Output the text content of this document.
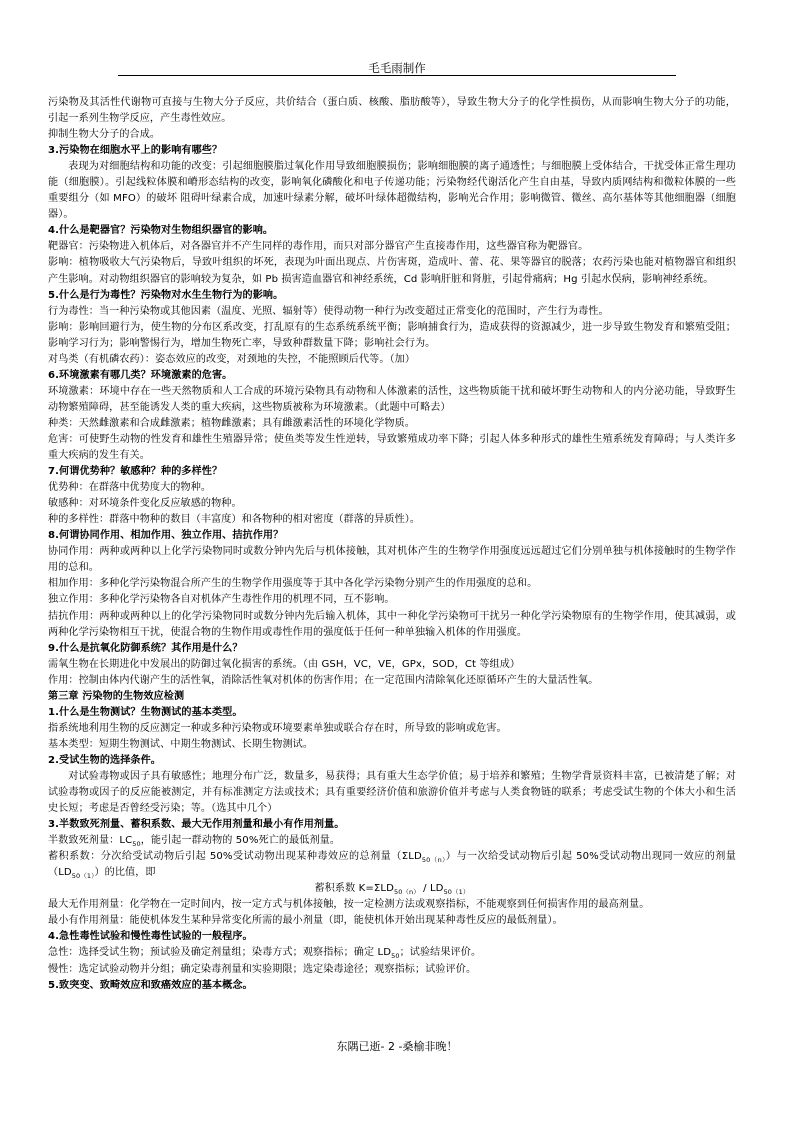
毛毛雨制作

污染物及其活性代谢物可直接与生物大分子反应，共价结合（蛋白质、核酸、脂肪酸等），导致生物大分子的化学性损伤，从而影响生物大分子的功能，引起一系列生物学反应，产生毒性效应。

抑制生物大分子的合成。

3.污染物在细胞水平上的影响有哪些？

表现为对细胞结构和功能的改变：引起细胞膜脂过氧化作用导致细胞膜损伤；影响细胞膜的离子通透性；与细胞膜上受体结合，干扰受体正常生理功能（细胞膜）。引起线粒体膜和嵴形态结构的改变，影响氧化磷酸化和电子传递功能；污染物经代谢活化产生自由基，导致内质网结构和微粒体膜的一些重要组分（如 MFO）的破坏 阻碍叶绿素合成，加速叶绿素分解，破坏叶绿体超微结构，影响光合作用；影响微管、微丝、高尔基体等其他细胞器（细胞器）。

4.什么是靶器官？污染物对生物组织器官的影响。

靶器官：污染物进入机体后，对各器官并不产生同样的毒作用，而只对部分器官产生直接毒作用，这些器官称为靶器官。

影响：植物吸收大气污染物后，导致叶组织的坏死，表现为叶面出现点、片伤害斑，造成叶、蕾、花、果等器官的脱落；农药污染也能对植物器官和组织产生影响。对动物组织器官的影响较为复杂，如 Pb 损害造血器官和神经系统，Cd 影响肝脏和肾脏，引起骨痛病；Hg 引起水俣病，影响神经系统。

5.什么是行为毒性？污染物对水生生物行为的影响。

行为毒性：当一种污染物或其他因素（温度、光照、辐射等）使得动物一种行为改变超过正常变化的范围时，产生行为毒性。

影响：影响回避行为，使生物的分布区系改变，打乱原有的生态系统系统平衡；影响捕食行为，造成获得的资源减少，进一步导致生物发育和繁殖受阻；影响学习行为；影响警惕行为，增加生物死亡率，导致种群数量下降；影响社会行为。

对鸟类（有机磷农药）：姿态效应的改变，对颈地的失控，不能照顾后代等。（加）

6.环境激素有哪几类？环境激素的危害。

环境激素：环境中存在一些天然物质和人工合成的环境污染物具有动物和人体激素的活性，这些物质能干扰和破坏野生动物和人的内分泌功能，导致野生动物繁殖障碍，甚至能诱发人类的重大疾病，这些物质被称为环境激素。（此题中可略去）

种类：天然雌激素和合成雌激素；植物雌激素；具有雌激素活性的环境化学物质。

危害：可使野生动物的性发育和雄性生殖器异常；使鱼类等发生性逆转，导致繁殖成功率下降；引起人体多种形式的雄性生殖系统发育障碍；与人类许多重大疾病的发生有关。

7.何谓优势种？敏感种？种的多样性？

优势种：在群落中优势度大的物种。

敏感种：对环境条件变化反应敏感的物种。

种的多样性：群落中物种的数目（丰富度）和各物种的相对密度（群落的异质性）。

8.何谓协同作用、相加作用、独立作用、拮抗作用？

协同作用：两种或两种以上化学污染物同时或数分钟内先后与机体接触，其对机体产生的生物学作用强度远远超过它们分别单独与机体接触时的生物学作用的总和。

相加作用：多种化学污染物混合所产生的生物学作用强度等于其中各化学污染物分别产生的作用强度的总和。

独立作用：多种化学污染物各自对机体产生毒性作用的机理不同，互不影响。

拮抗作用：两种或两种以上的化学污染物同时或数分钟内先后输入机体，其中一种化学污染物可干扰另一种化学污染物原有的生物学作用，使其减弱，或两种化学污染物相互干扰，使混合物的生物作用或毒性作用的强度低于任何一种单独输入机体的作用强度。

9.什么是抗氧化防御系统？其作用是什么？

需氧生物在长期进化中发展出的防御过氧化损害的系统。（由 GSH，VC，VE，GPx，SOD，Ct 等组成）

作用：控制由体内代谢产生的活性氧，消除活性氧对机体的伤害作用；在一定范围内清除氧化还原循环产生的大量活性氧。

第三章 污染物的生物效应检测

1.什么是生物测试？生物测试的基本类型。

指系统地利用生物的反应测定一种或多种污染物或环境要素单独或联合存在时，所导致的影响或危害。

基本类型：短期生物测试、中期生物测试、长期生物测试。

2.受试生物的选择条件。

对试验毒物或因子具有敏感性；地理分布广泛，数量多，易获得；具有重大生态学价值；易于培养和繁殖；生物学背景资料丰富，已被清楚了解；对试验毒物或因子的反应能被测定，并有标准测定方法或技术；具有重要经济价值和旅游价值并考虑与人类食物链的联系；考虑受试生物的个体大小和生活史长短；考虑是否曾经受污染；等。（选其中几个）

3.半数致死剂量、蓄积系数、最大无作用剂量和最小有作用剂量。

半数致死剂量：$LC_{50}$，能引起一群动物的 50%死亡的最低剂量。

蓄积系数：分次给受试动物后引起 50%受试动物出现某种毒效应的总剂量$(\Sigma LD_{50(n)})$与一次给受试动物后引起 50%受试动物出现同一效应的剂量$(LD_{50(1)})$的比值，即

蓄积系数 $K=\Sigma LD_{50(n)} / LD_{50(1)}$

最大无作用剂量：化学物在一定时间内，按一定方式与机体接触，按一定检测方法或观察指标，不能观察到任何损害作用的最高剂量。

最小有作用剂量：能使机体发生某种异常变化所需的最小剂量（即，能使机体开始出现某种毒性反应的最低剂量）。

4.急性毒性试验和慢性毒性试验的一般程序。

急性：选择受试生物；预试验及确定剂量组；染毒方式；观察指标；确定 $LD_{50}$；试验结果评价。

慢性：选定试验动物并分组；确定染毒剂量和实验期限；选定染毒途径；观察指标；试验评价。

5.致突变、致畸效应和致癌效应的基本概念。

东隅已逝- 2 -桑榆非晚！
